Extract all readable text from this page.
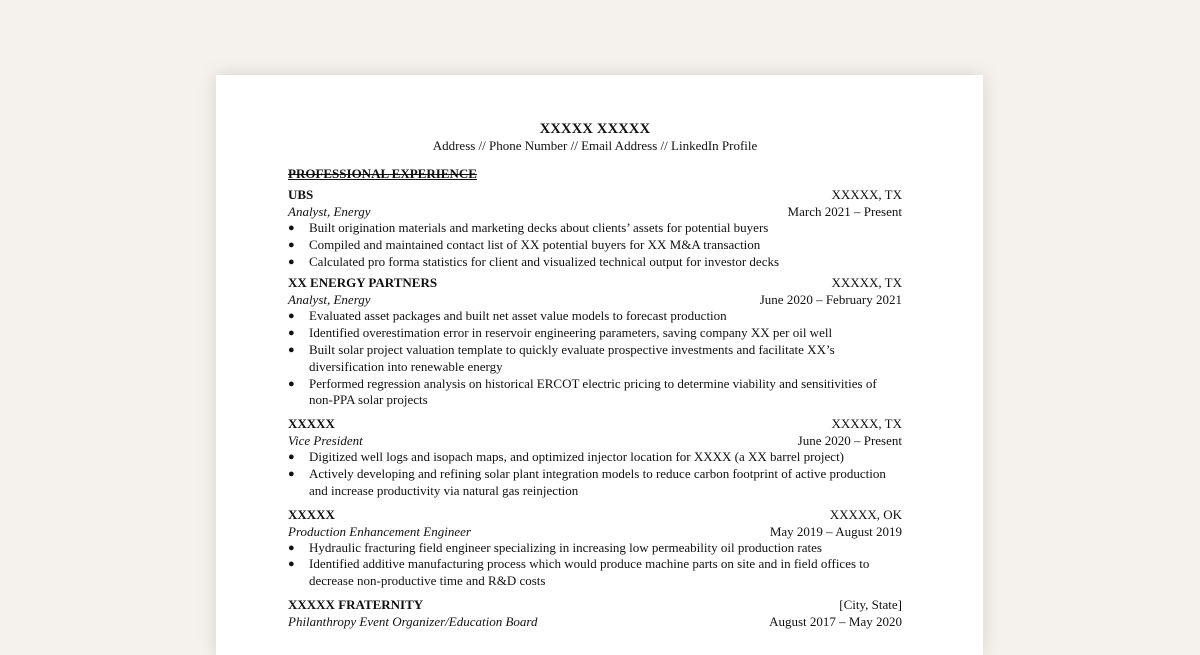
XXXXX XXXXX
Address // Phone Number // Email Address // LinkedIn Profile
PROFESSIONAL EXPERIENCE
UBS	XXXXX, TX
Analyst, Energy	March 2021 – Present
● Built origination materials and marketing decks about clients’ assets for potential buyers
● Compiled and maintained contact list of XX potential buyers for XX M&A transaction
● Calculated pro forma statistics for client and visualized technical output for investor decks
XX ENERGY PARTNERS	XXXXX, TX
Analyst, Energy	June 2020 – February 2021
● Evaluated asset packages and built net asset value models to forecast production
● Identified overestimation error in reservoir engineering parameters, saving company XX per oil well
● Built solar project valuation template to quickly evaluate prospective investments and facilitate XX’s diversification into renewable energy
● Performed regression analysis on historical ERCOT electric pricing to determine viability and sensitivities of non-PPA solar projects
XXXXX	XXXXX, TX
Vice President	June 2020 – Present
● Digitized well logs and isopach maps, and optimized injector location for XXXX (a XX barrel project)
● Actively developing and refining solar plant integration models to reduce carbon footprint of active production and increase productivity via natural gas reinjection
XXXXX	XXXXX, OK
Production Enhancement Engineer	May 2019 – August 2019
● Hydraulic fracturing field engineer specializing in increasing low permeability oil production rates
● Identified additive manufacturing process which would produce machine parts on site and in field offices to decrease non-productive time and R&D costs
XXXXX FRATERNITY	[City, State]
Philanthropy Event Organizer/Education Board	August 2017 – May 2020
